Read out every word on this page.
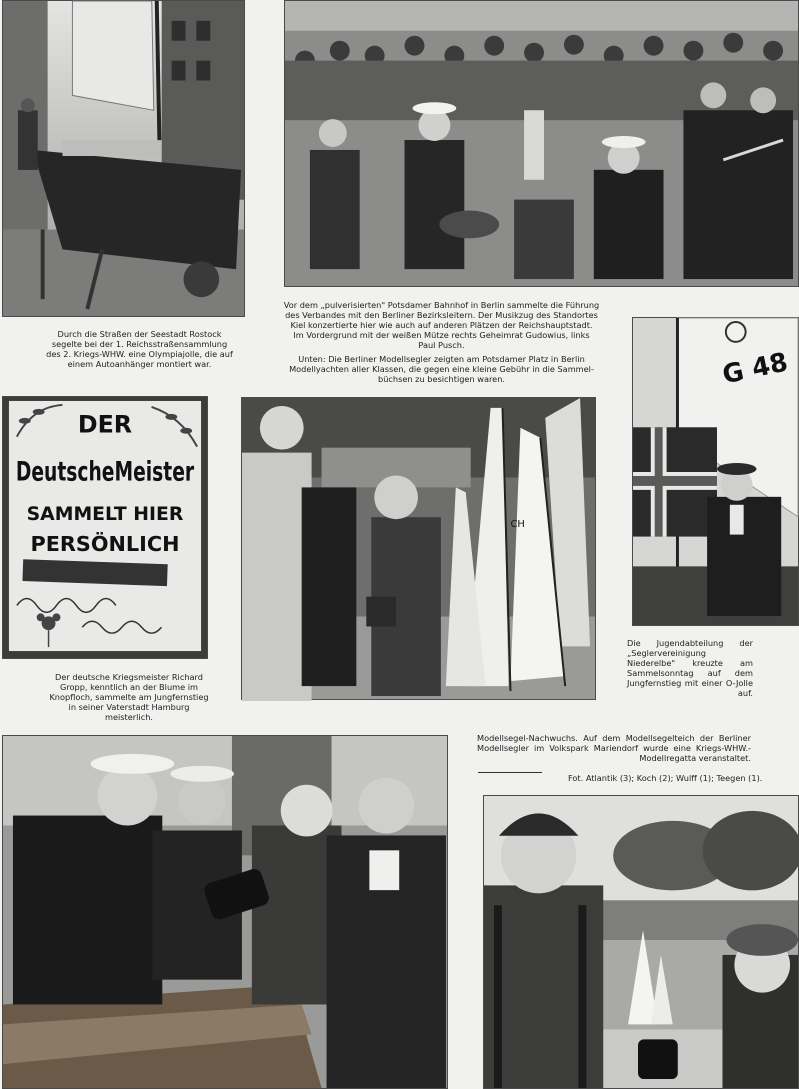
Durch die Straßen der Seestadt Rostock segelte bei der 1. Reichsstraßensammlung des 2. Kriegs-WHW. eine Olympiajolle, die auf einem Autoanhänger montiert war.

Vor dem „pulverisierten" Potsdamer Bahnhof in Berlin sammelte die Führung

des Verbandes mit den Berliner Bezirksleitern. Der Musikzug des Standortes

Kiel konzertierte hier wie auch auf anderen Plätzen der Reichshauptstadt.

Im Vordergrund mit der weißen Mütze rechts Geheimrat Gudowius, links

Paul Pusch.

Unten: Die Berliner Modellsegler zeigten am Potsdamer Platz in Berlin

Modellyachten aller Klassen, die gegen eine kleine Gebühr in die Sammel-

büchsen zu besichtigen waren.

DER
DeutscheMeister
SAMMELT HIER
PERSÖNLICH
CH
G 48

Die Jugendabteilung der „Seglervereinigung Niederelbe" kreuzte am Sammelsonntag auf dem Jungfernstieg mit einer O-Jolle auf.

Der deutsche Kriegsmeister Richard Gropp, kenntlich an der Blume im Knopfloch, sammelte am Jungfernstieg in seiner Vaterstadt Hamburg meisterlich.

Modellsegel-Nachwuchs. Auf dem Modellsegelteich der Berliner Modellsegler im Volkspark Mariendorf wurde eine Kriegs-WHW.-Modellregatta veranstaltet.

Fot. Atlantik (3); Koch (2); Wulff (1); Teegen (1).
